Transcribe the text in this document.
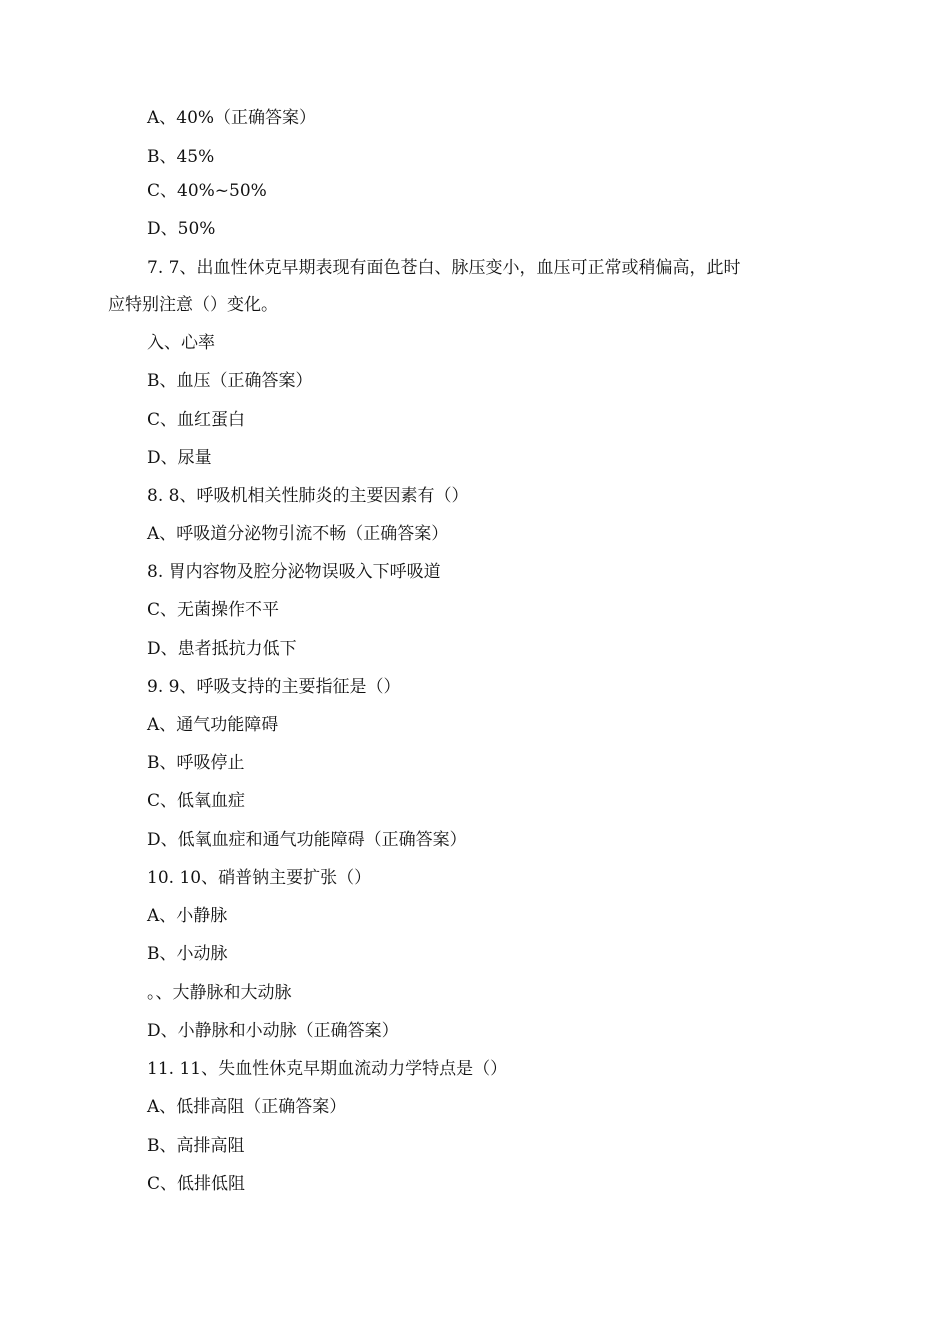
A、40%（正确答案）
B、45%
C、40%~50%
D、50%
7. 7、出血性休克早期表现有面色苍白、脉压变小，血压可正常或稍偏高，此时
应特别注意（）变化。
入、心率
B、血压（正确答案）
C、血红蛋白
D、尿量
8. 8、呼吸机相关性肺炎的主要因素有（）
A、呼吸道分泌物引流不畅（正确答案）
8. 胃内容物及腔分泌物误吸入下呼吸道
C、无菌操作不平
D、患者抵抗力低下
9. 9、呼吸支持的主要指征是（）
A、通气功能障碍
B、呼吸停止
C、低氧血症
D、低氧血症和通气功能障碍（正确答案）
10. 10、硝普钠主要扩张（）
A、小静脉
B、小动脉
。、大静脉和大动脉
D、小静脉和小动脉（正确答案）
11. 11、失血性休克早期血流动力学特点是（）
A、低排高阻（正确答案）
B、高排高阻
C、低排低阻
